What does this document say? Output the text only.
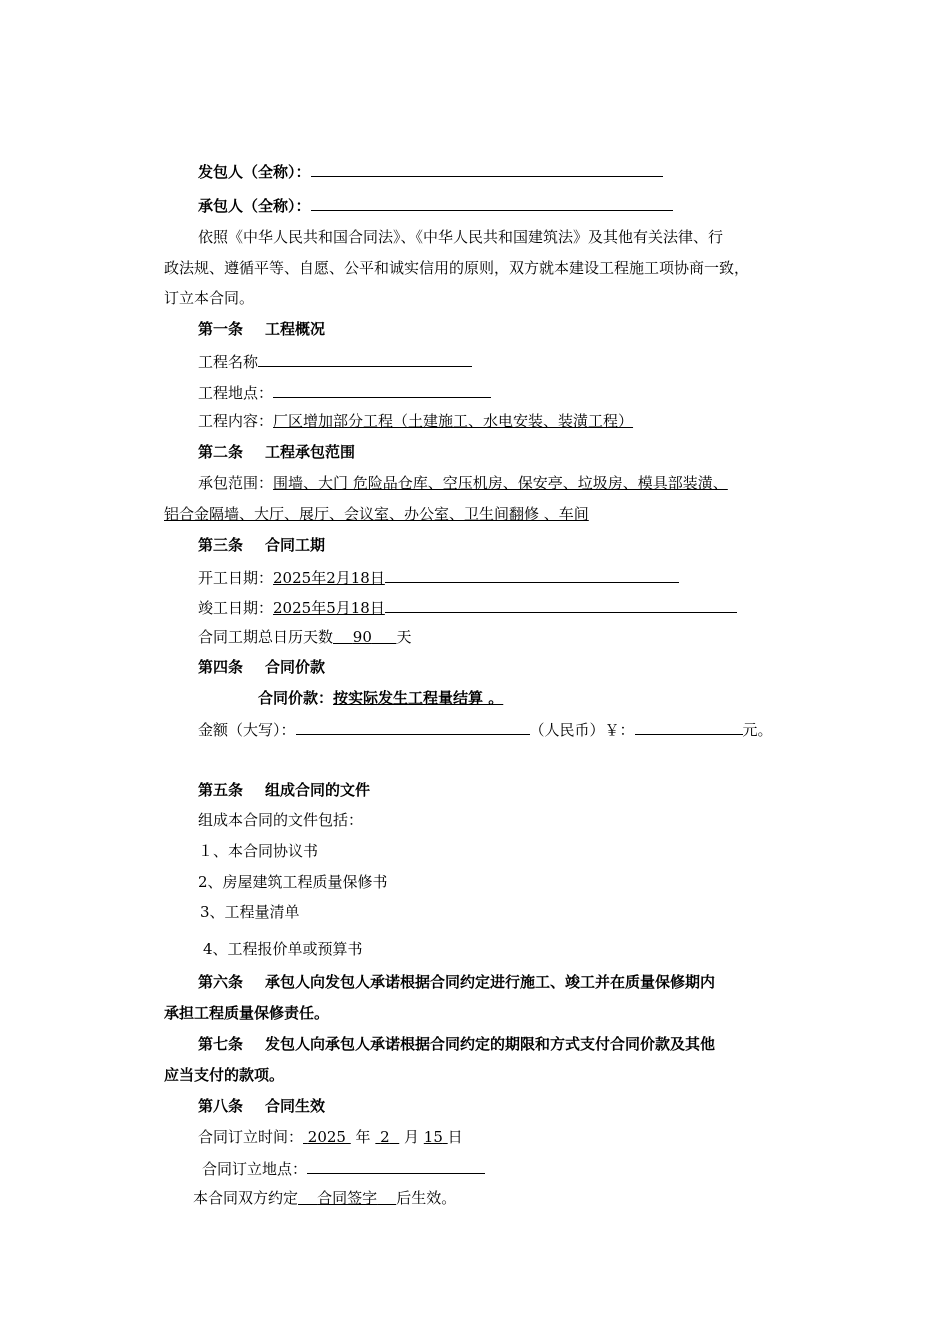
发包人（全称）：
承包人（全称）：
依照《中华人民共和国合同法》、《中华人民共和国建筑法》及其他有关法律、行
政法规、遵循平等、自愿、公平和诚实信用的原则，双方就本建设工程施工项协商一致，
订立本合同。
第一条 工程概况
工程名称
工程地点：
工程内容：厂区增加部分工程（土建施工、水电安装、装潢工程）
第二条 工程承包范围
承包范围：围墙、大门 危险品仓库、空压机房、保安亭、垃圾房、模具部装潢、
铝合金隔墙、大厅、展厅、会议室、办公室、卫生间翻修 、车间
第三条 合同工期
开工日期：2025年2月18日
竣工日期：2025年5月18日
合同工期总日历天数　 90 　 天
第四条 合同价款
合同价款：按实际发生工程量结算 。
金额（大写）：	（人民币）￥：	元。
第五条 组成合同的文件
组成本合同的文件包括：
１、本合同协议书
2、房屋建筑工程质量保修书
3、工程量清单
4、工程报价单或预算书
第六条 承包人向发包人承诺根据合同约定进行施工、竣工并在质量保修期内
承担工程质量保修责任。
第七条 发包人向承包人承诺根据合同约定的期限和方式支付合同价款及其他
应当支付的款项。
第八条 合同生效
合同订立时间： 2025 年 2 月 15 日
合同订立地点：
本合同双方约定 合同签字 后生效。
